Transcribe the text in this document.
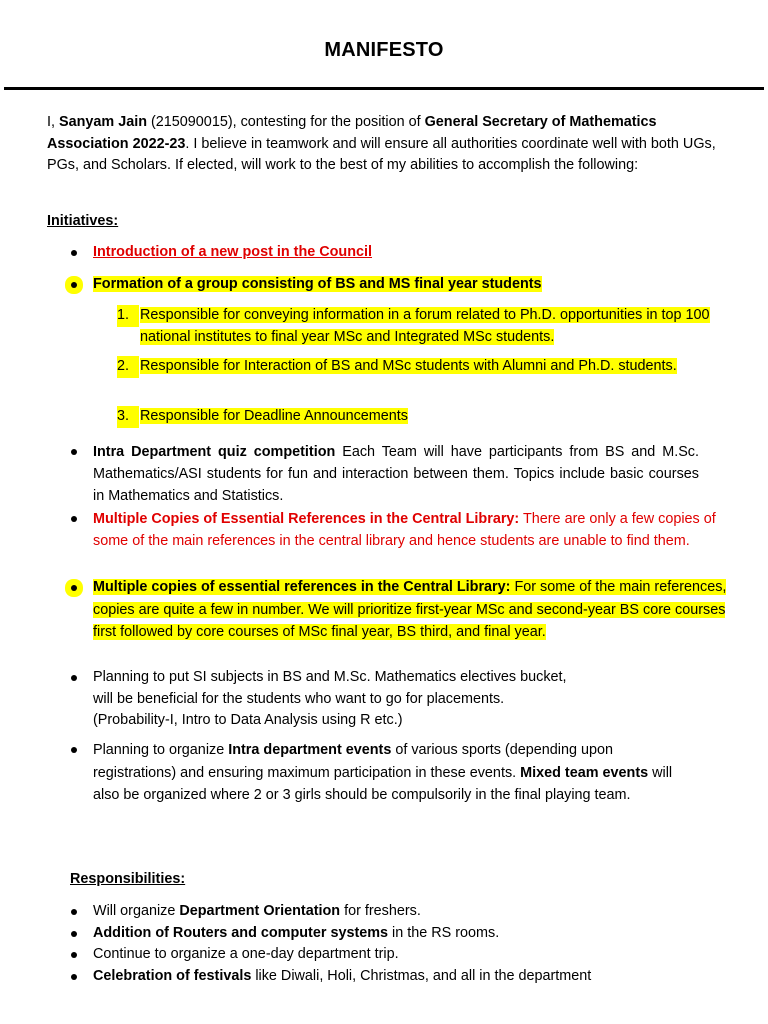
MANIFESTO
I, Sanyam Jain (215090015), contesting for the position of General Secretary of Mathematics Association 2022-23. I believe in teamwork and will ensure all authorities coordinate well with both UGs, PGs, and Scholars. If elected, will work to the best of my abilities to accomplish the following:
Initiatives:
Introduction of a new post in the Council
Formation of a group consisting of BS and MS final year students
1. Responsible for conveying information in a forum related to Ph.D. opportunities in top 100 national institutes to final year MSc and Integrated MSc students.
2. Responsible for Interaction of BS and MSc students with Alumni and Ph.D. students.
3. Responsible for Deadline Announcements
Intra Department quiz competition Each Team will have participants from BS and M.Sc. Mathematics/ASI students for fun and interaction between them. Topics include basic courses in Mathematics and Statistics.
Multiple Copies of Essential References in the Central Library: There are only a few copies of some of the main references in the central library and hence students are unable to find them.
Multiple copies of essential references in the Central Library: For some of the main references, copies are quite a few in number. We will prioritize first-year MSc and second-year BS core courses first followed by core courses of MSc final year, BS third, and final year.
Planning to put SI subjects in BS and M.Sc. Mathematics electives bucket,
will be beneficial for the students who want to go for placements.
(Probability-I, Intro to Data Analysis using R etc.)
Planning to organize Intra department events of various sports (depending upon registrations) and ensuring maximum participation in these events. Mixed team events will also be organized where 2 or 3 girls should be compulsorily in the final playing team.
Responsibilities:
Will organize Department Orientation for freshers.
Addition of Routers and computer systems in the RS rooms.
Continue to organize a one-day department trip.
Celebration of festivals like Diwali, Holi, Christmas, and all in the department
